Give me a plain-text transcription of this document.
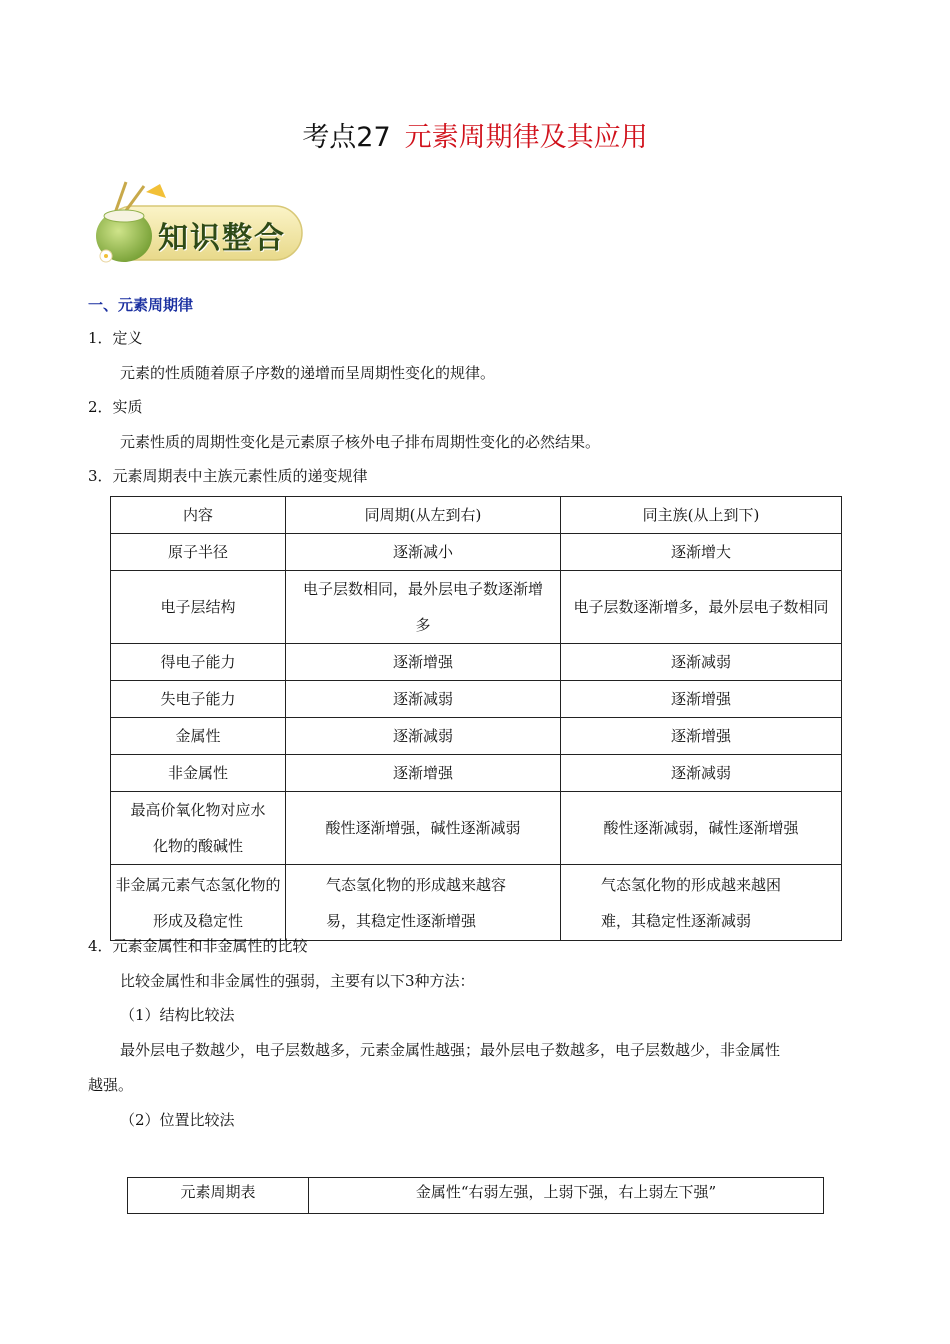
考点27 元素周期律及其应用
知识整合
一、元素周期律
1．定义
元素的性质随着原子序数的递增而呈周期性变化的规律。
2．实质
元素性质的周期性变化是元素原子核外电子排布周期性变化的必然结果。
3．元素周期表中主族元素性质的递变规律
内容	同周期(从左到右)	同主族(从上到下)
原子半径	逐渐减小	逐渐增大
电子层结构	电子层数相同，最外层电子数逐渐增多	电子层数逐渐增多，最外层电子数相同
得电子能力	逐渐增强	逐渐减弱
失电子能力	逐渐减弱	逐渐增强
金属性	逐渐减弱	逐渐增强
非金属性	逐渐增强	逐渐减弱
最高价氧化物对应水化物的酸碱性	酸性逐渐增强，碱性逐渐减弱	酸性逐渐减弱，碱性逐渐增强
非金属元素气态氢化物的形成及稳定性	气态氢化物的形成越来越容易，其稳定性逐渐增强	气态氢化物的形成越来越困难，其稳定性逐渐减弱
4．元素金属性和非金属性的比较
比较金属性和非金属性的强弱，主要有以下3种方法：
（1）结构比较法
最外层电子数越少，电子层数越多，元素金属性越强；最外层电子数越多，电子层数越少，非金属性
越强。
（2）位置比较法
元素周期表	金属性“右弱左强，上弱下强，右上弱左下强”
